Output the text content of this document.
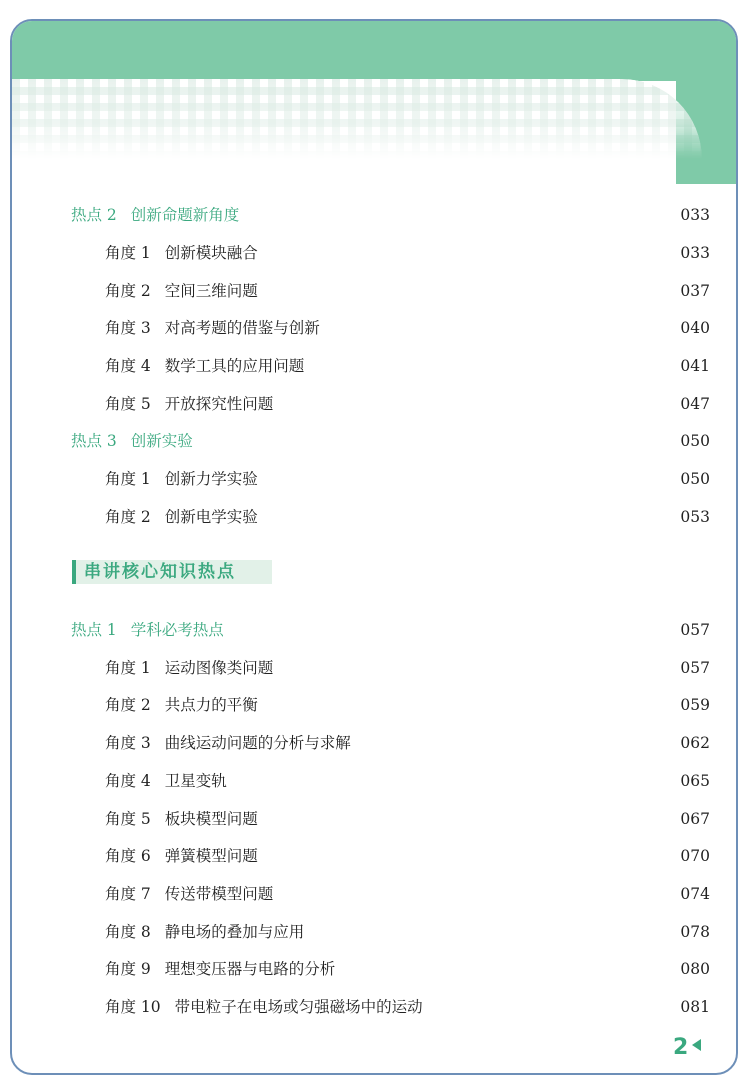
热点 2 创新命题新角度	033
角度 1 创新模块融合	033
角度 2 空间三维问题	037
角度 3 对高考题的借鉴与创新	040
角度 4 数学工具的应用问题	041
角度 5 开放探究性问题	047
热点 3 创新实验	050
角度 1 创新力学实验	050
角度 2 创新电学实验	053
热点 1 学科必考热点	057
角度 1 运动图像类问题	057
角度 2 共点力的平衡	059
角度 3 曲线运动问题的分析与求解	062
角度 4 卫星变轨	065
角度 5 板块模型问题	067
角度 6 弹簧模型问题	070
角度 7 传送带模型问题	074
角度 8 静电场的叠加与应用	078
角度 9 理想变压器与电路的分析	080
角度 10 带电粒子在电场或匀强磁场中的运动	081
串讲核心知识热点
2
